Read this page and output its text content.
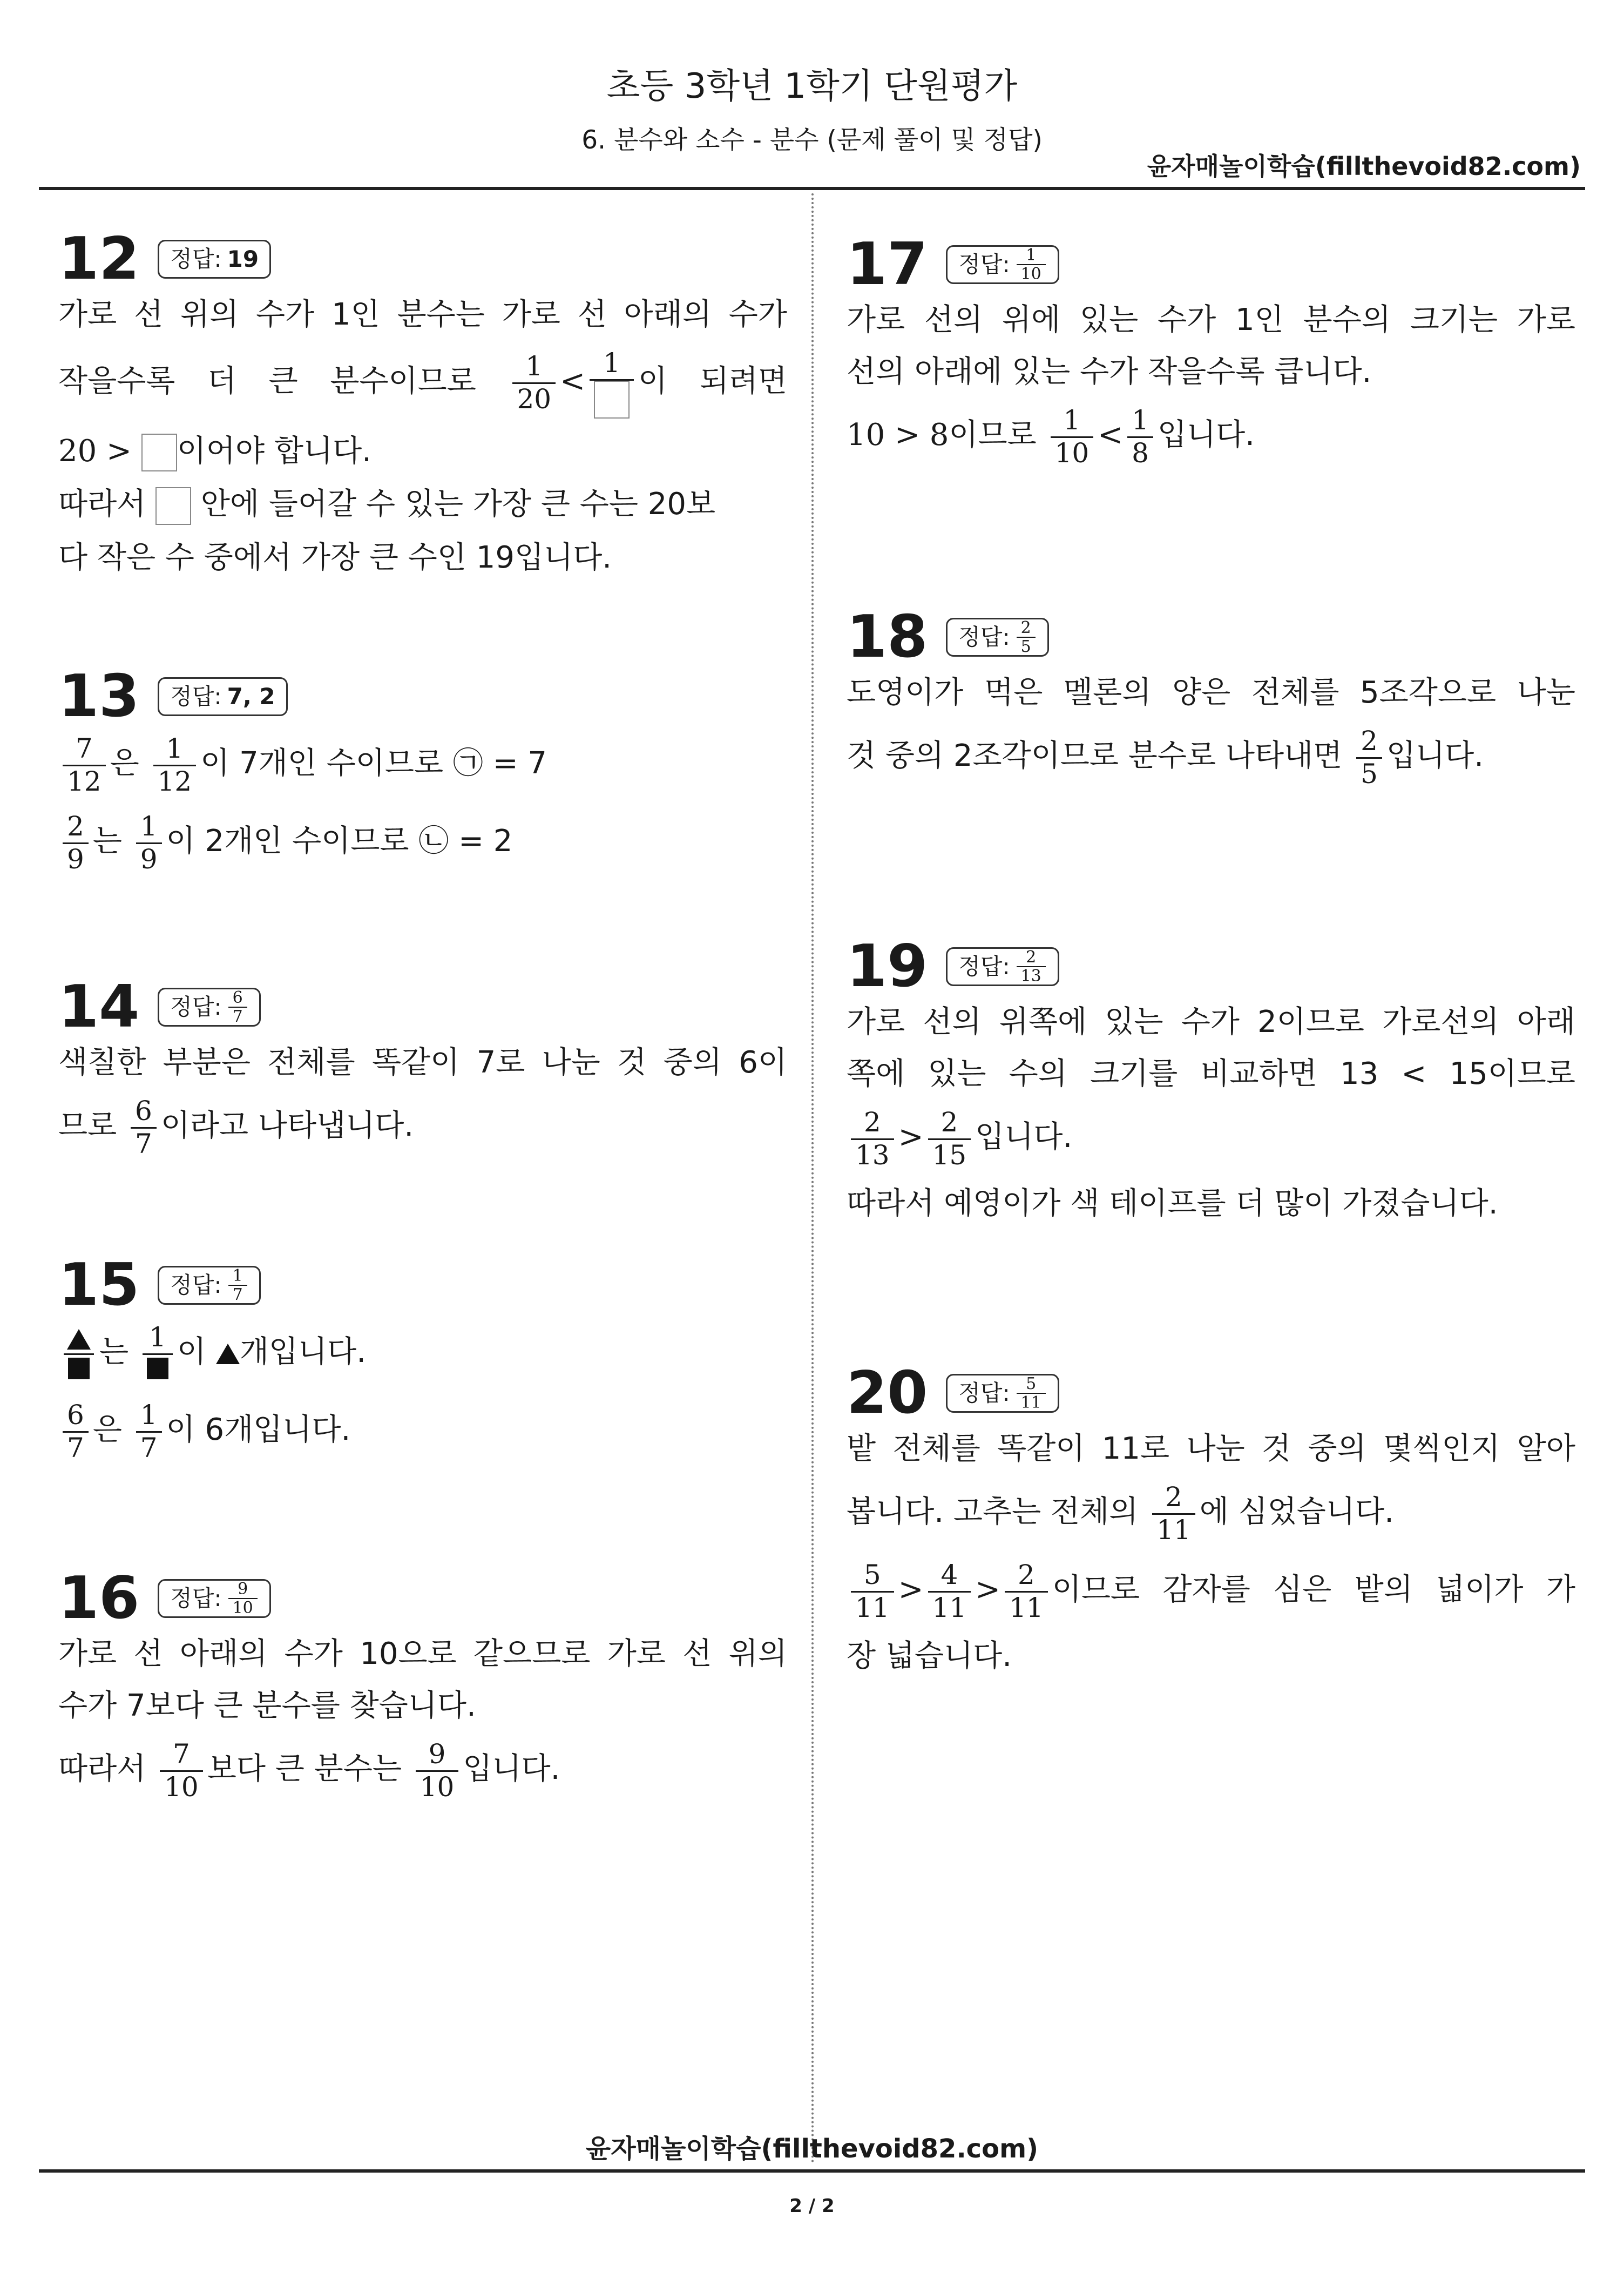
초등 3학년 1학기 단원평가
6. 분수와 소수 - 분수 (문제 풀이 및 정답)
윤자매놀이학습(fillthevoid82.com)
12 정답: 19

가로 선 위의 수가 1인 분수는 가로 선 아래의 수가

작을수록 더 큰 분수이므로 $\frac{1}{20}$ <
1
이 되려면

20 > 이어야 합니다.

따라서 안에 들어갈 수 있는 가장 큰 수는 20보

다 작은 수 중에서 가장 큰 수인 19입니다.

13 정답: 7, 2

$\frac{7}{12}$ 은 $\frac{1}{12}$ 이 7개인 수이므로 ㉠ = 7

$\frac{2}{9}$ 는 $\frac{1}{9}$ 이 2개인 수이므로 ㉡ = 2

14 정답: $\frac{6}{7}$

색칠한 부분은 전체를 똑같이 7로 나눈 것 중의 6이

므로 $\frac{6}{7}$ 이라고 나타냅니다.

15 정답: $\frac{1}{7}$

는 1 이 개입니다.

$\frac{6}{7}$ 은 $\frac{1}{7}$ 이 6개입니다.

16 정답: $\frac{9}{10}$

가로 선 아래의 수가 10으로 같으므로 가로 선 위의

수가 7보다 큰 분수를 찾습니다.

따라서 $\frac{7}{10}$ 보다 큰 분수는 $\frac{9}{10}$ 입니다.

17 정답: $\frac{1}{10}$

가로 선의 위에 있는 수가 1인 분수의 크기는 가로

선의 아래에 있는 수가 작을수록 큽니다.

10 > 8이므로 $\frac{1}{10} < \frac{1}{8}$ 입니다.

18 정답: $\frac{2}{5}$

도영이가 먹은 멜론의 양은 전체를 5조각으로 나눈

것 중의 2조각이므로 분수로 나타내면 $\frac{2}{5}$ 입니다.

19 정답: $\frac{2}{13}$

가로 선의 위쪽에 있는 수가 2이므로 가로선의 아래

쪽에 있는 수의 크기를 비교하면 13 < 15이므로

$\frac{2}{13} > \frac{2}{15}$ 입니다.

따라서 예영이가 색 테이프를 더 많이 가졌습니다.

20 정답: $\frac{5}{11}$

밭 전체를 똑같이 11로 나눈 것 중의 몇씩인지 알아

봅니다. 고추는 전체의 $\frac{2}{11}$ 에 심었습니다.

$\frac{5}{11} > \frac{4}{11} > \frac{2}{11}$ 이므로 감자를 심은 밭의 넓이가 가

장 넓습니다.

윤자매놀이학습(fillthevoid82.com)
2 / 2
